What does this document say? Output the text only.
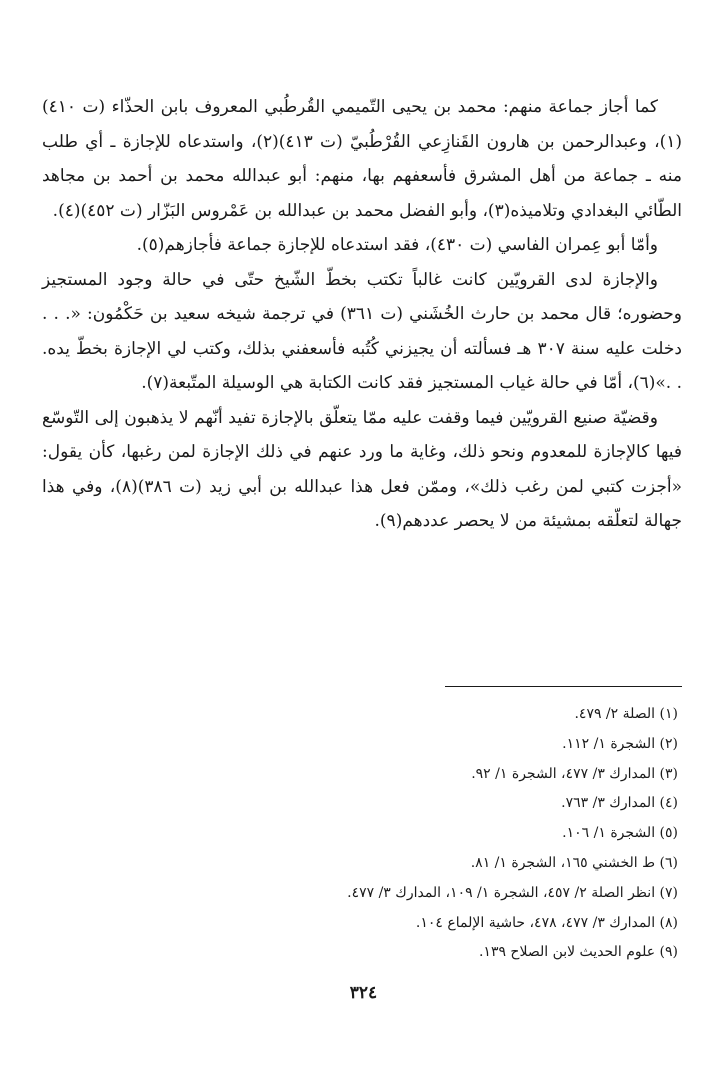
كما أجاز جماعة منهم: محمد بن يحيى التّميمي القُرطُبي المعروف بابن الحذّاء (ت ٤١٠)(١)، وعبدالرحمن بن هارون القَنازِعي القُرْطُبيّ (ت ٤١٣)(٢)، واستدعاه للإجازة ـ أي طلب منه ـ جماعة من أهل المشرق فأسعفهم بها، منهم: أبو عبدالله محمد بن أحمد بن مجاهد الطّائي البغدادي وتلاميذه(٣)، وأبو الفضل محمد بن عبدالله بن عَمْروس البَزّار (ت ٤٥٢)(٤).

وأمّا أبو عِمران الفاسي (ت ٤٣٠)، فقد استدعاه للإجازة جماعة فأجازهم(٥).

والإجازة لدى القرويّين كانت غالباً تكتب بخطّ الشّيخ حتّى في حالة وجود المستجيز وحضوره؛ قال محمد بن حارث الخُشَني (ت ٣٦١) في ترجمة شيخه سعيد بن حَكْمُون: «. . . دخلت عليه سنة ٣٠٧ هـ فسألته أن يجيزني كُتُبه فأسعفني بذلك، وكتب لي الإجازة بخطّ يده. . .»(٦)، أمّا في حالة غياب المستجيز فقد كانت الكتابة هي الوسيلة المتّبعة(٧).

وقضيّة صنيع القرويّين فيما وقفت عليه ممّا يتعلّق بالإجازة تفيد أنّهم لا يذهبون إلى التّوسّع فيها كالإجازة للمعدوم ونحو ذلك، وغاية ما ورد عنهم في ذلك الإجازة لمن رغبها، كأن يقول: «أجزت كتبي لمن رغب ذلك»، وممّن فعل هذا عبدالله بن أبي زيد (ت ٣٨٦)(٨)، وفي هذا جهالة لتعلّقه بمشيئة من لا يحصر عددهم(٩).

(١) الصلة ٢/ ٤٧٩.
(٢) الشجرة ١/ ١١٢.
(٣) المدارك ٣/ ٤٧٧، الشجرة ١/ ٩٢.
(٤) المدارك ٣/ ٧٦٣.
(٥) الشجرة ١/ ١٠٦.
(٦) ط الخشني ١٦٥، الشجرة ١/ ٨١.
(٧) انظر الصلة ٢/ ٤٥٧، الشجرة ١/ ١٠٩، المدارك ٣/ ٤٧٧.
(٨) المدارك ٣/ ٤٧٧، ٤٧٨، حاشية الإلماع ١٠٤.
(٩) علوم الحديث لابن الصلاح ١٣٩.
٣٢٤
